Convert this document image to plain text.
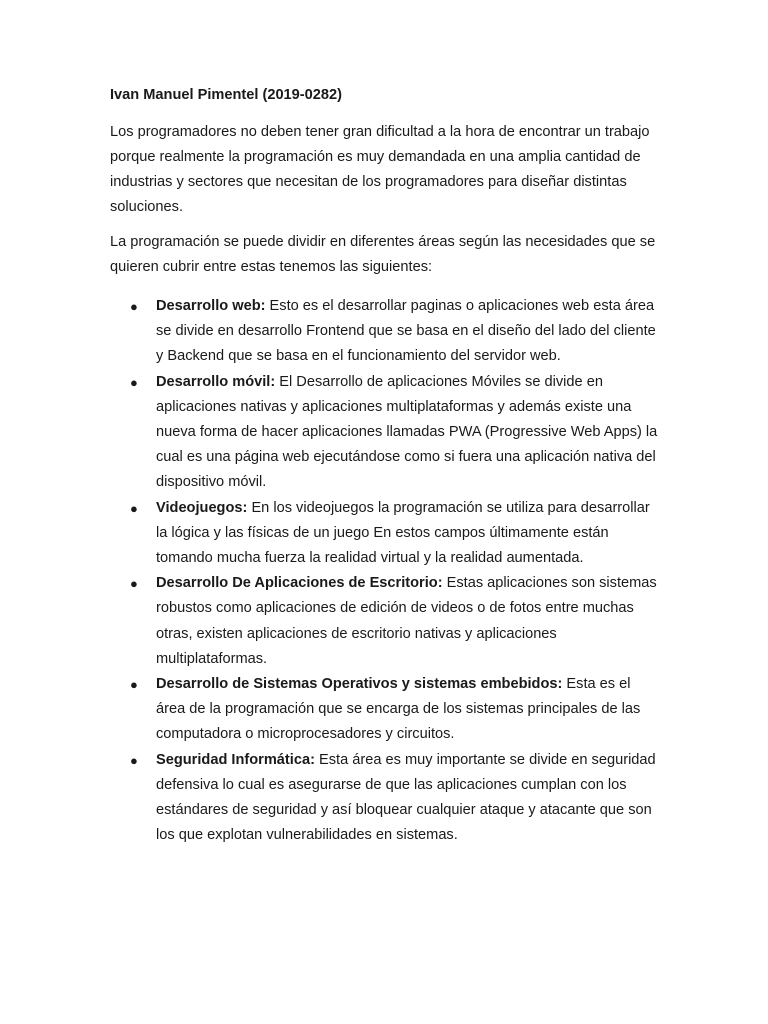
Ivan Manuel Pimentel (2019-0282)

Los programadores no deben tener gran dificultad a la hora de encontrar un trabajo porque realmente la programación es muy demandada en una amplia cantidad de industrias y sectores que necesitan de los programadores para diseñar distintas soluciones.

La programación se puede dividir en diferentes áreas según las necesidades que se quieren cubrir entre estas tenemos las siguientes:

● Desarrollo web: Esto es el desarrollar paginas o aplicaciones web esta área se divide en desarrollo Frontend que se basa en el diseño del lado del cliente y Backend que se basa en el funcionamiento del servidor web.
● Desarrollo móvil: El Desarrollo de aplicaciones Móviles se divide en aplicaciones nativas y aplicaciones multiplataformas y además existe una nueva forma de hacer aplicaciones llamadas PWA (Progressive Web Apps) la cual es una página web ejecutándose como si fuera una aplicación nativa del dispositivo móvil.
● Videojuegos: En los videojuegos la programación se utiliza para desarrollar la lógica y las físicas de un juego En estos campos últimamente están tomando mucha fuerza la realidad virtual y la realidad aumentada.
● Desarrollo De Aplicaciones de Escritorio: Estas aplicaciones son sistemas robustos como aplicaciones de edición de videos o de fotos entre muchas otras, existen aplicaciones de escritorio nativas y aplicaciones multiplataformas.
● Desarrollo de Sistemas Operativos y sistemas embebidos: Esta es el área de la programación que se encarga de los sistemas principales de las computadora o microprocesadores y circuitos.
● Seguridad Informática: Esta área es muy importante se divide en seguridad defensiva lo cual es asegurarse de que las aplicaciones cumplan con los estándares de seguridad y así bloquear cualquier ataque y atacante que son los que explotan vulnerabilidades en sistemas.
